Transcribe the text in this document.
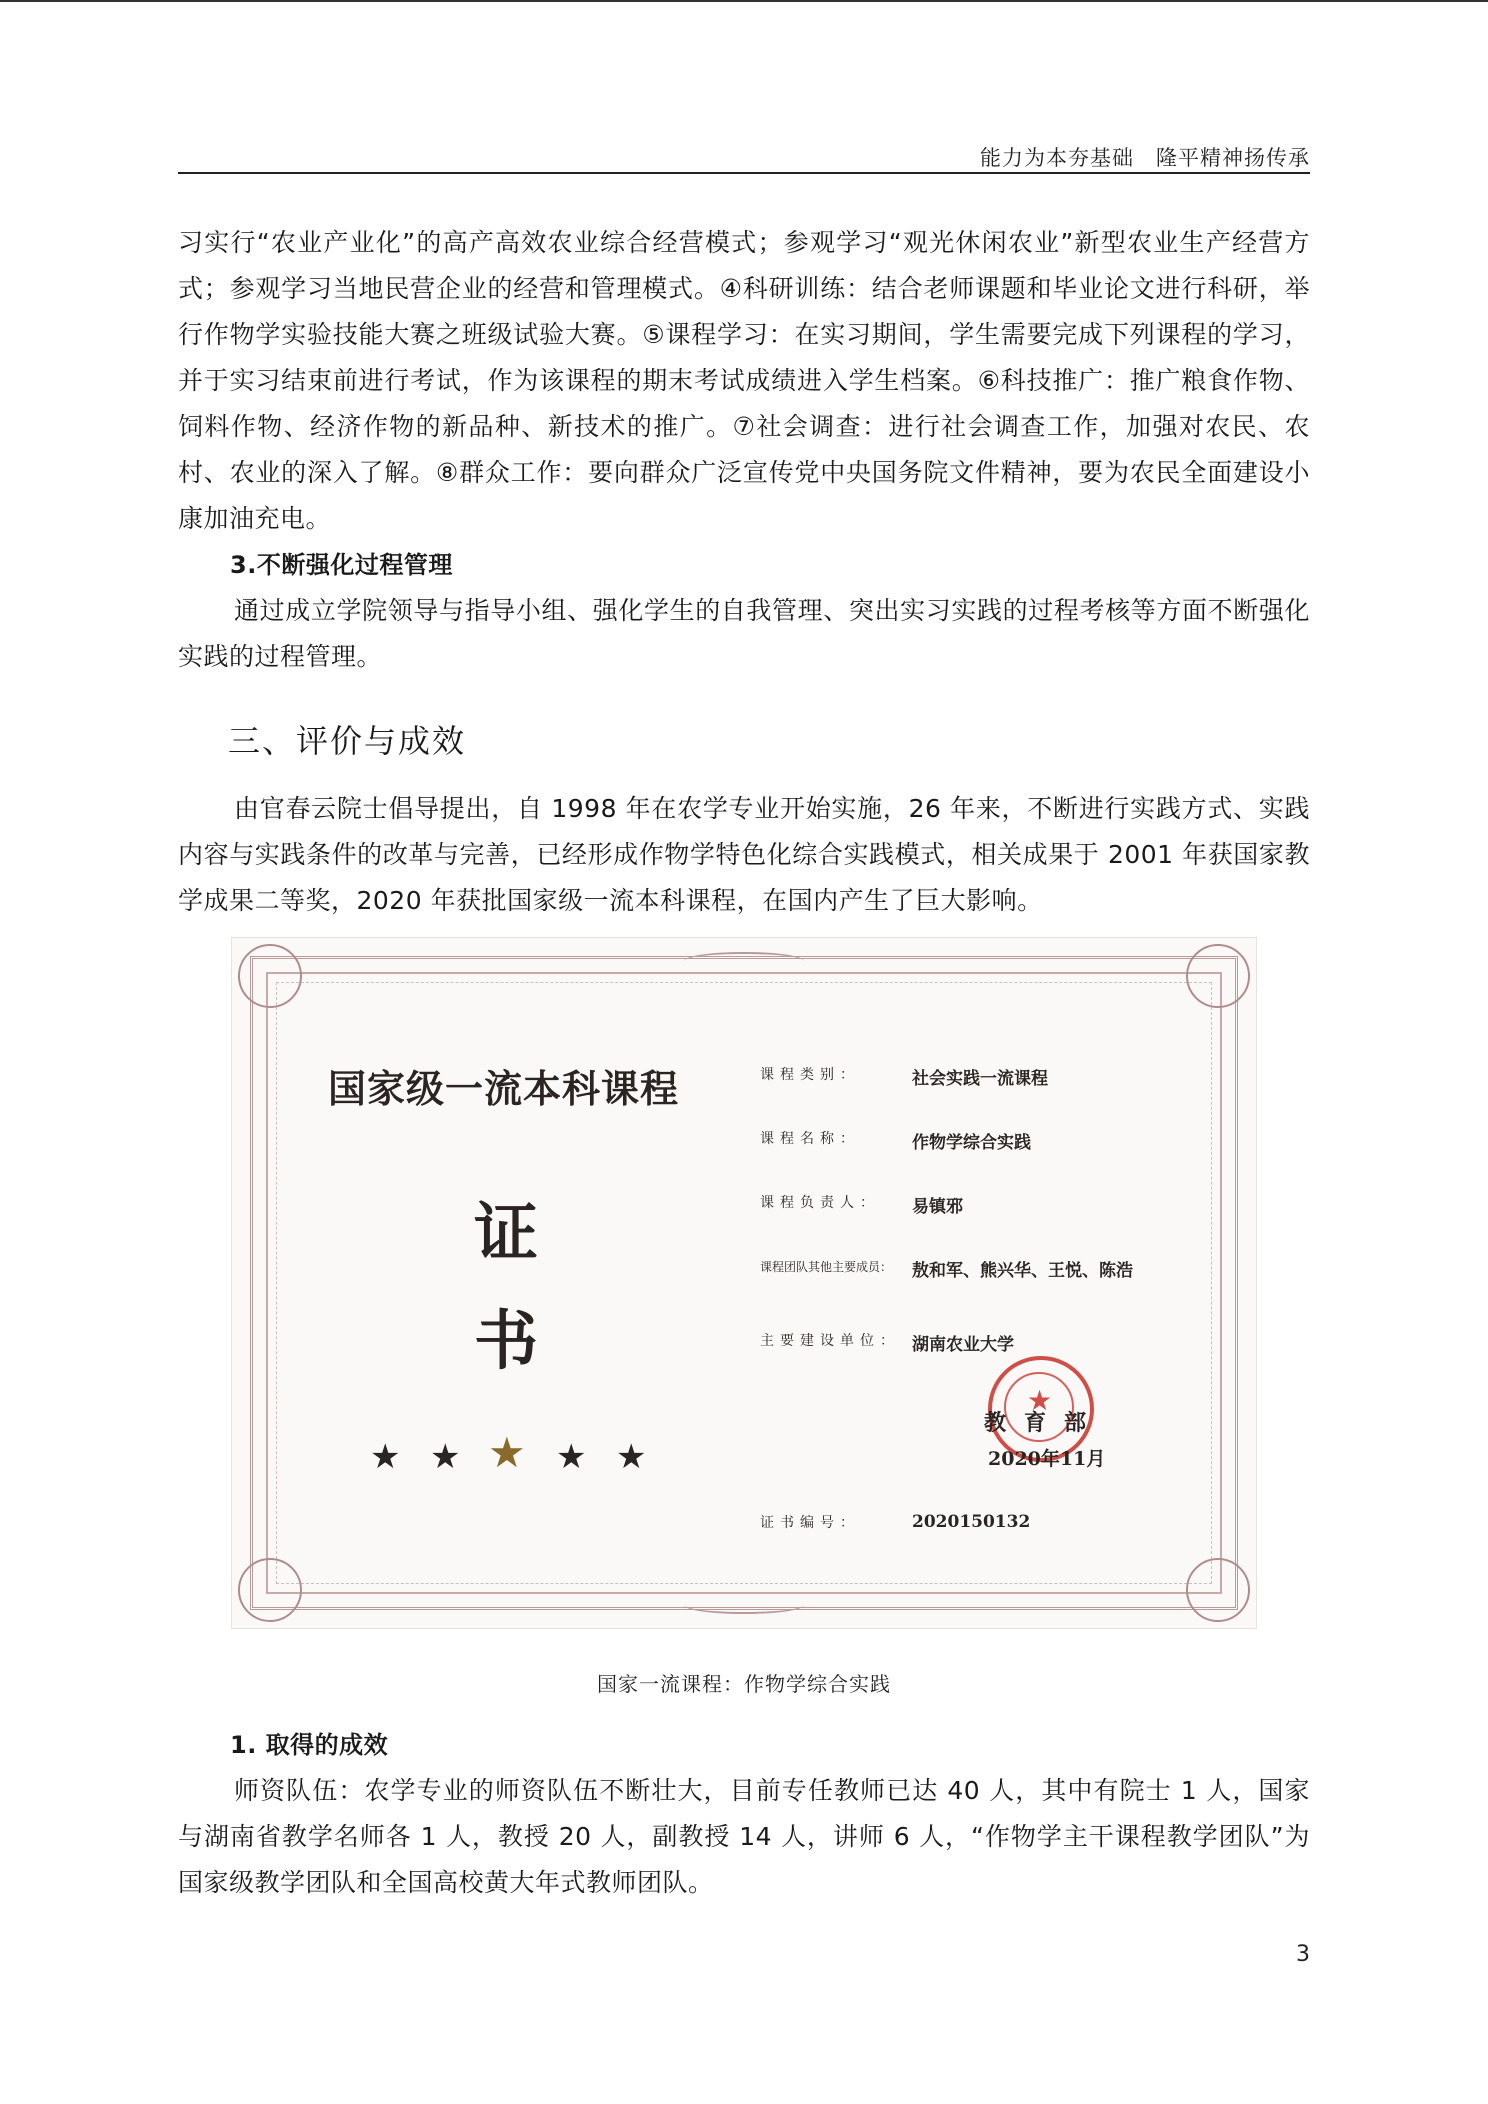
能力为本夯基础　隆平精神扬传承

习实行“农业产业化”的高产高效农业综合经营模式；参观学习“观光休闲农业”新型农业生产经营方式；参观学习当地民营企业的经营和管理模式。④科研训练：结合老师课题和毕业论文进行科研，举行作物学实验技能大赛之班级试验大赛。⑤课程学习：在实习期间，学生需要完成下列课程的学习，并于实习结束前进行考试，作为该课程的期末考试成绩进入学生档案。⑥科技推广：推广粮食作物、饲料作物、经济作物的新品种、新技术的推广。⑦社会调查：进行社会调查工作，加强对农民、农村、农业的深入了解。⑧群众工作：要向群众广泛宣传党中央国务院文件精神，要为农民全面建设小康加油充电。

3.不断强化过程管理

通过成立学院领导与指导小组、强化学生的自我管理、突出实习实践的过程考核等方面不断强化实践的过程管理。

三、评价与成效

由官春云院士倡导提出，自 1998 年在农学专业开始实施，26 年来，不断进行实践方式、实践内容与实践条件的改革与完善，已经形成作物学特色化综合实践模式，相关成果于 2001 年获国家教学成果二等奖，2020 年获批国家级一流本科课程，在国内产生了巨大影响。

国家级一流本科课程
证
书
★ ★ ★ ★ ★
课程类别：	社会实践一流课程
课程名称：	作物学综合实践
课程负责人： 易镇邪
课程团队其他主要成员： 敖和军、熊兴华、王悦、陈浩
主要建设单位： 湖南农业大学
证书编号：	2020150132
★
教育部
2020年11月
国家一流课程：作物学综合实践

1. 取得的成效

师资队伍：农学专业的师资队伍不断壮大，目前专任教师已达 40 人，其中有院士 1 人，国家与湖南省教学名师各 1 人，教授 20 人，副教授 14 人，讲师 6 人，“作物学主干课程教学团队”为国家级教学团队和全国高校黄大年式教师团队。

3
